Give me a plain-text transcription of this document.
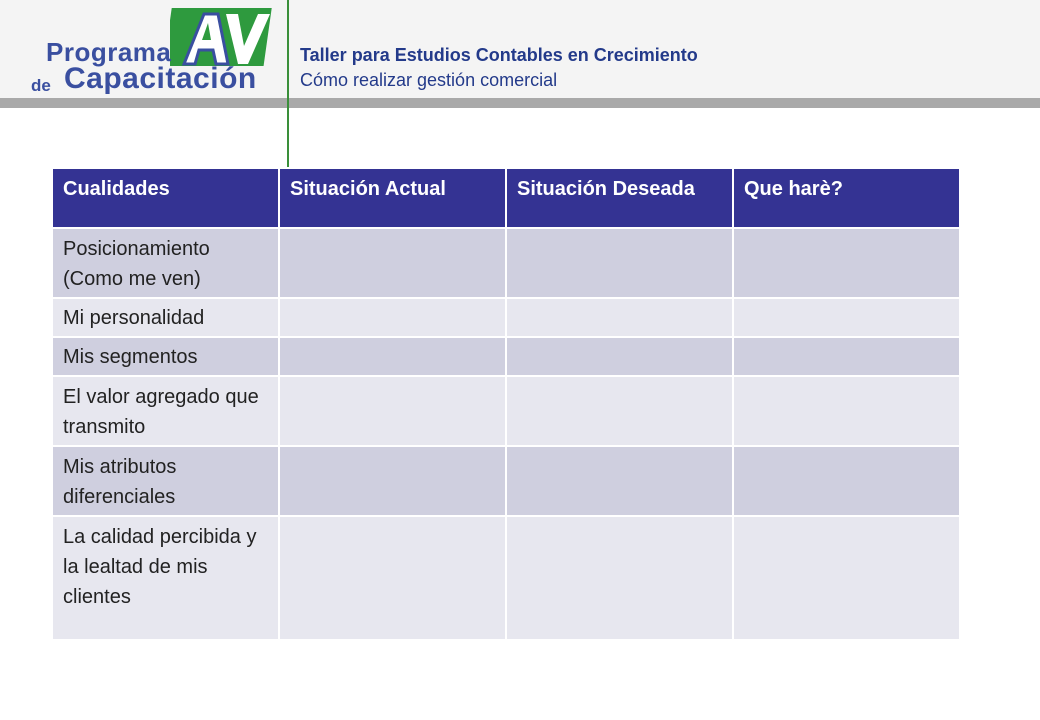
Programa
de Capacitación
Taller para Estudios Contables en Crecimiento
Cómo realizar gestión comercial
Cualidades	Situación Actual	Situación Deseada	Que harè?
Posicionamiento (Como me ven)			
Mi personalidad			
Mis segmentos			
El valor agregado que transmito			
Mis atributos diferenciales			
La calidad percibida y la lealtad de mis clientes			
